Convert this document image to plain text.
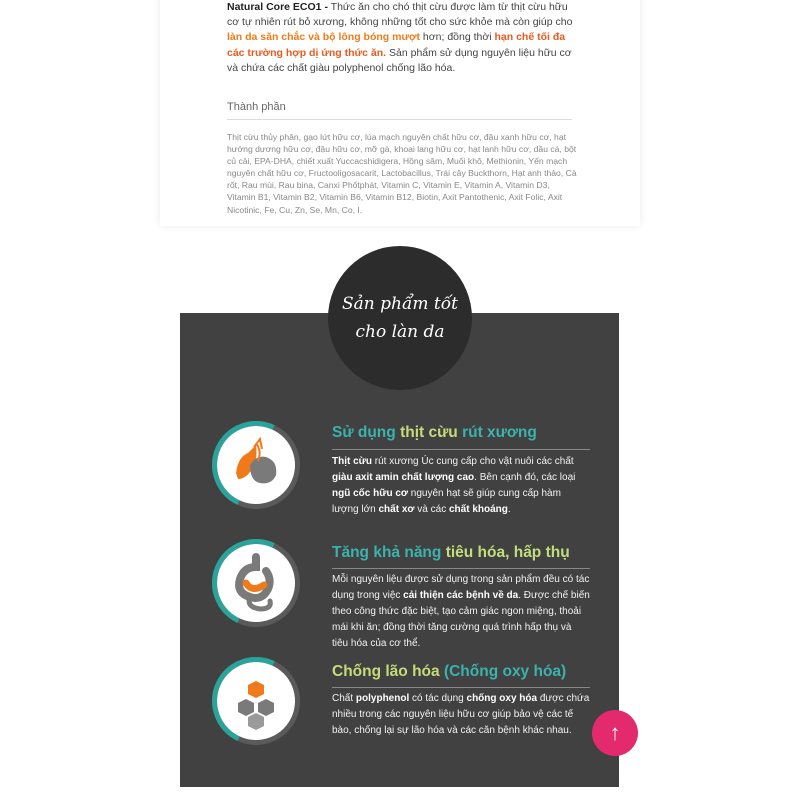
Natural Core ECO1 - Thức ăn cho chó thịt cừu được làm từ thịt cừu hữu cơ tự nhiên rút bỏ xương, không những tốt cho sức khỏe mà còn giúp cho làn da săn chắc và bộ lông bóng mượt hơn; đồng thời hạn chế tối đa các trường hợp dị ứng thức ăn. Sản phẩm sử dụng nguyên liệu hữu cơ và chứa các chất giàu polyphenol chống lão hóa.

Thành phần

Thịt cừu thủy phân, gạo lứt hữu cơ, lúa mạch nguyên chất hữu cơ, đậu xanh hữu cơ, hạt hướng dương hữu cơ, đậu hữu cơ, mỡ gà, khoai lang hữu cơ, hạt lanh hữu cơ, dầu cá, bột củ cải, EPA-DHA, chiết xuất Yuccacshidigera, Hồng sâm, Muối khô, Methionin, Yến mạch nguyên chất hữu cơ, Fructooligosacarit, Lactobacillus, Trái cây Buckthorn, Hạt anh thảo, Cà rốt, Rau mùi, Rau bina, Canxi Phốtphát, Vitamin C, Vitamin E, Vitamin A, Vitamin D3, Vitamin B1, Vitamin B2, Vitamin B6, Vitamin B12, Biotin, Axit Pantothenic, Axit Folic, Axit Nicotinic, Fe, Cu, Zn, Se, Mn, Co, I.

Sản phẩm tốt
cho làn da
Sử dụng thịt cừu rút xương

Thịt cừu rút xương Úc cung cấp cho vật nuôi các chất giàu axit amin chất lượng cao. Bên cạnh đó, các loại ngũ cốc hữu cơ nguyên hạt sẽ giúp cung cấp hàm lượng lớn chất xơ và các chất khoáng.

Tăng khả năng tiêu hóa, hấp thụ

Mỗi nguyên liệu được sử dụng trong sản phẩm đều có tác dụng trong việc cải thiện các bệnh về da. Được chế biến theo công thức đặc biệt, tạo cảm giác ngon miệng, thoải mái khi ăn; đồng thời tăng cường quá trình hấp thụ và tiêu hóa của cơ thể.

Chống lão hóa (Chống oxy hóa)

Chất polyphenol có tác dụng chống oxy hóa được chứa nhiều trong các nguyên liệu hữu cơ giúp bảo vệ các tế bào, chống lại sự lão hóa và các căn bệnh khác nhau.	↑
